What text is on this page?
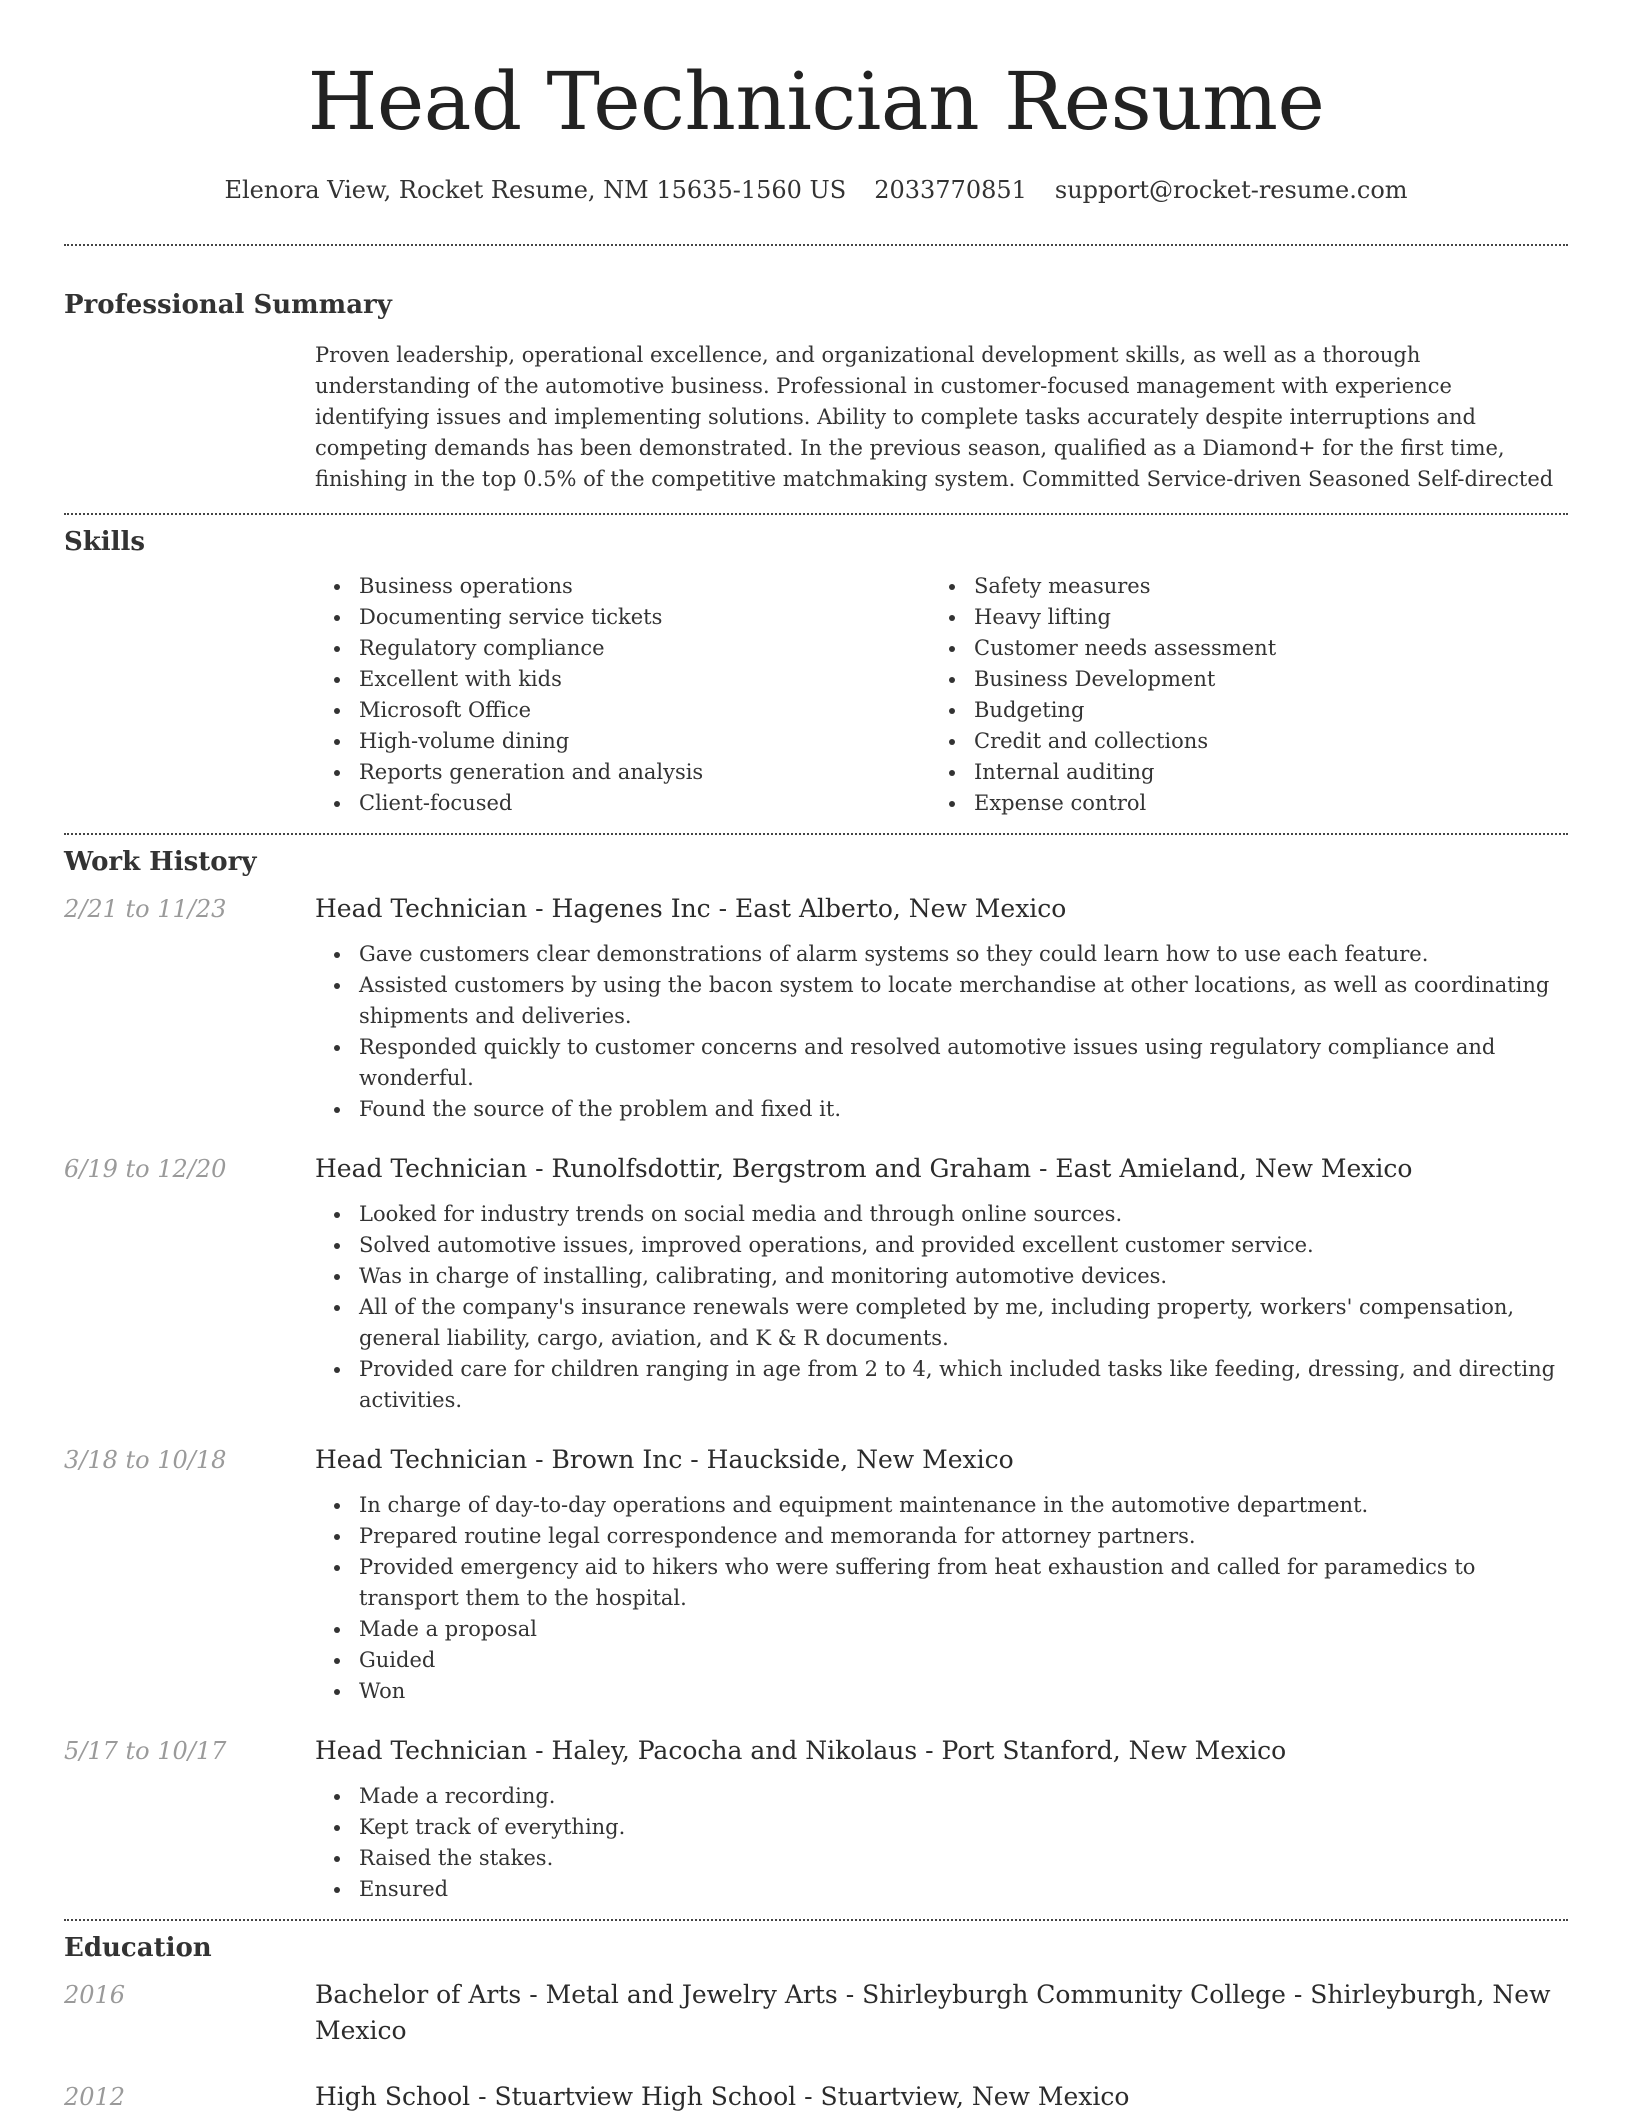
Head Technician Resume
Elenora View, Rocket Resume, NM 15635-1560 US 2033770851 support@rocket-resume.com
Professional Summary
Proven leadership, operational excellence, and organizational development skills, as well as a thorough understanding of the automotive business. Professional in customer-focused management with experience identifying issues and implementing solutions. Ability to complete tasks accurately despite interruptions and competing demands has been demonstrated. In the previous season, qualified as a Diamond+ for the first time, finishing in the top 0.5% of the competitive matchmaking system. Committed Service-driven Seasoned Self-directed
Skills
Business operations
Documenting service tickets
Regulatory compliance
Excellent with kids
Microsoft Office
High-volume dining
Reports generation and analysis
Client-focused
Safety measures
Heavy lifting
Customer needs assessment
Business Development
Budgeting
Credit and collections
Internal auditing
Expense control
Work History
2/21 to 11/23	Head Technician - Hagenes Inc - East Alberto, New Mexico
Gave customers clear demonstrations of alarm systems so they could learn how to use each feature.
Assisted customers by using the bacon system to locate merchandise at other locations, as well as coordinating shipments and deliveries.
Responded quickly to customer concerns and resolved automotive issues using regulatory compliance and wonderful.
Found the source of the problem and fixed it.
6/19 to 12/20	Head Technician - Runolfsdottir, Bergstrom and Graham - East Amieland, New Mexico
Looked for industry trends on social media and through online sources.
Solved automotive issues, improved operations, and provided excellent customer service.
Was in charge of installing, calibrating, and monitoring automotive devices.
All of the company's insurance renewals were completed by me, including property, workers' compensation, general liability, cargo, aviation, and K & R documents.
Provided care for children ranging in age from 2 to 4, which included tasks like feeding, dressing, and directing activities.
3/18 to 10/18	Head Technician - Brown Inc - Hauckside, New Mexico
In charge of day-to-day operations and equipment maintenance in the automotive department.
Prepared routine legal correspondence and memoranda for attorney partners.
Provided emergency aid to hikers who were suffering from heat exhaustion and called for paramedics to transport them to the hospital.
Made a proposal
Guided
Won
5/17 to 10/17	Head Technician - Haley, Pacocha and Nikolaus - Port Stanford, New Mexico
Made a recording.
Kept track of everything.
Raised the stakes.
Ensured
Education
2016	Bachelor of Arts - Metal and Jewelry Arts - Shirleyburgh Community College - Shirleyburgh, New Mexico
2012	High School - Stuartview High School - Stuartview, New Mexico
